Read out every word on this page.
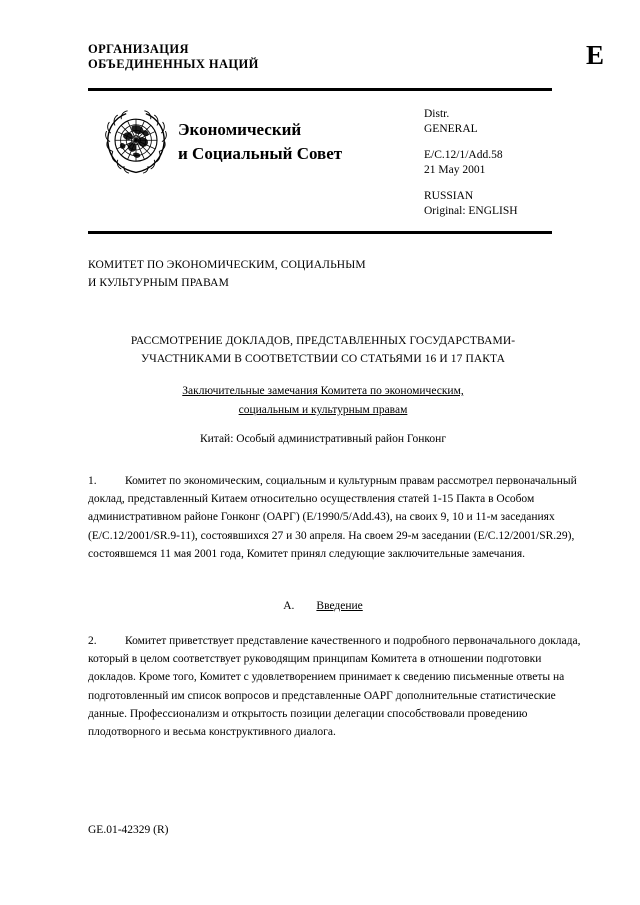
ОРГАНИЗАЦИЯ
ОБЪЕДИНЕННЫХ НАЦИЙ	E
Экономический
и Социальный Совет
Distr.
GENERAL
E/C.12/1/Add.58
21 May 2001
RUSSIAN
Original: ENGLISH
КОМИТЕТ ПО ЭКОНОМИЧЕСКИМ, СОЦИАЛЬНЫМ
И КУЛЬТУРНЫМ ПРАВАМ
РАССМОТРЕНИЕ ДОКЛАДОВ, ПРЕДСТАВЛЕННЫХ ГОСУДАРСТВАМИ-
УЧАСТНИКАМИ В СООТВЕТСТВИИ СО СТАТЬЯМИ 16 И 17 ПАКТА
Заключительные замечания Комитета по экономическим,
социальным и культурным правам
Китай: Особый административный район Гонконг
1. Комитет по экономическим, социальным и культурным правам рассмотрел первоначальный доклад, представленный Китаем относительно осуществления статей 1-15 Пакта в Особом административном районе Гонконг (ОАРГ) (E/1990/5/Add.43), на своих 9, 10 и 11-м заседаниях (E/C.12/2001/SR.9-11), состоявшихся 27 и 30 апреля. На своем 29-м заседании (E/C.12/2001/SR.29), состоявшемся 11 мая 2001 года, Комитет принял следующие заключительные замечания.
A. Введение
2. Комитет приветствует представление качественного и подробного первоначального доклада, который в целом соответствует руководящим принципам Комитета в отношении подготовки докладов. Кроме того, Комитет с удовлетворением принимает к сведению письменные ответы на подготовленный им список вопросов и представленные ОАРГ дополнительные статистические данные. Профессионализм и открытость позиции делегации способствовали проведению плодотворного и весьма конструктивного диалога.
GE.01-42329 (R)
